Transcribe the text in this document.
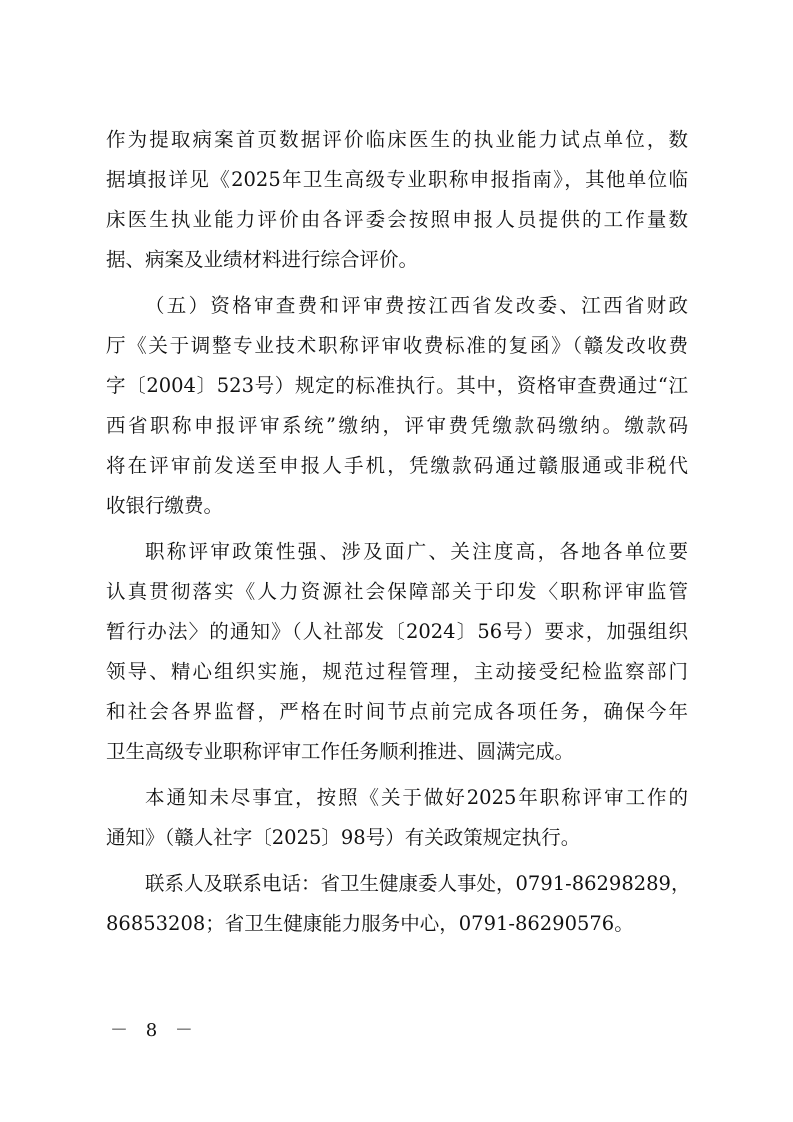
作为提取病案首页数据评价临床医生的执业能力试点单位，数
据填报详见《2025年卫生高级专业职称申报指南》，其他单位临
床医生执业能力评价由各评委会按照申报人员提供的工作量数
据、病案及业绩材料进行综合评价。
（五）资格审查费和评审费按江西省发改委、江西省财政
厅《关于调整专业技术职称评审收费标准的复函》（赣发改收费
字〔2004〕523号）规定的标准执行。其中，资格审查费通过“江
西省职称申报评审系统”缴纳，评审费凭缴款码缴纳。缴款码
将在评审前发送至申报人手机，凭缴款码通过赣服通或非税代
收银行缴费。
职称评审政策性强、涉及面广、关注度高，各地各单位要
认真贯彻落实《人力资源社会保障部关于印发〈职称评审监管
暂行办法〉的通知》（人社部发〔2024〕56号）要求，加强组织
领导、精心组织实施，规范过程管理，主动接受纪检监察部门
和社会各界监督，严格在时间节点前完成各项任务，确保今年
卫生高级专业职称评审工作任务顺利推进、圆满完成。
本通知未尽事宜，按照《关于做好2025年职称评审工作的
通知》（赣人社字〔2025〕98号）有关政策规定执行。
联系人及联系电话：省卫生健康委人事处，0791-86298289，
86853208；省卫生健康能力服务中心，0791-86290576。
－ 8 －
